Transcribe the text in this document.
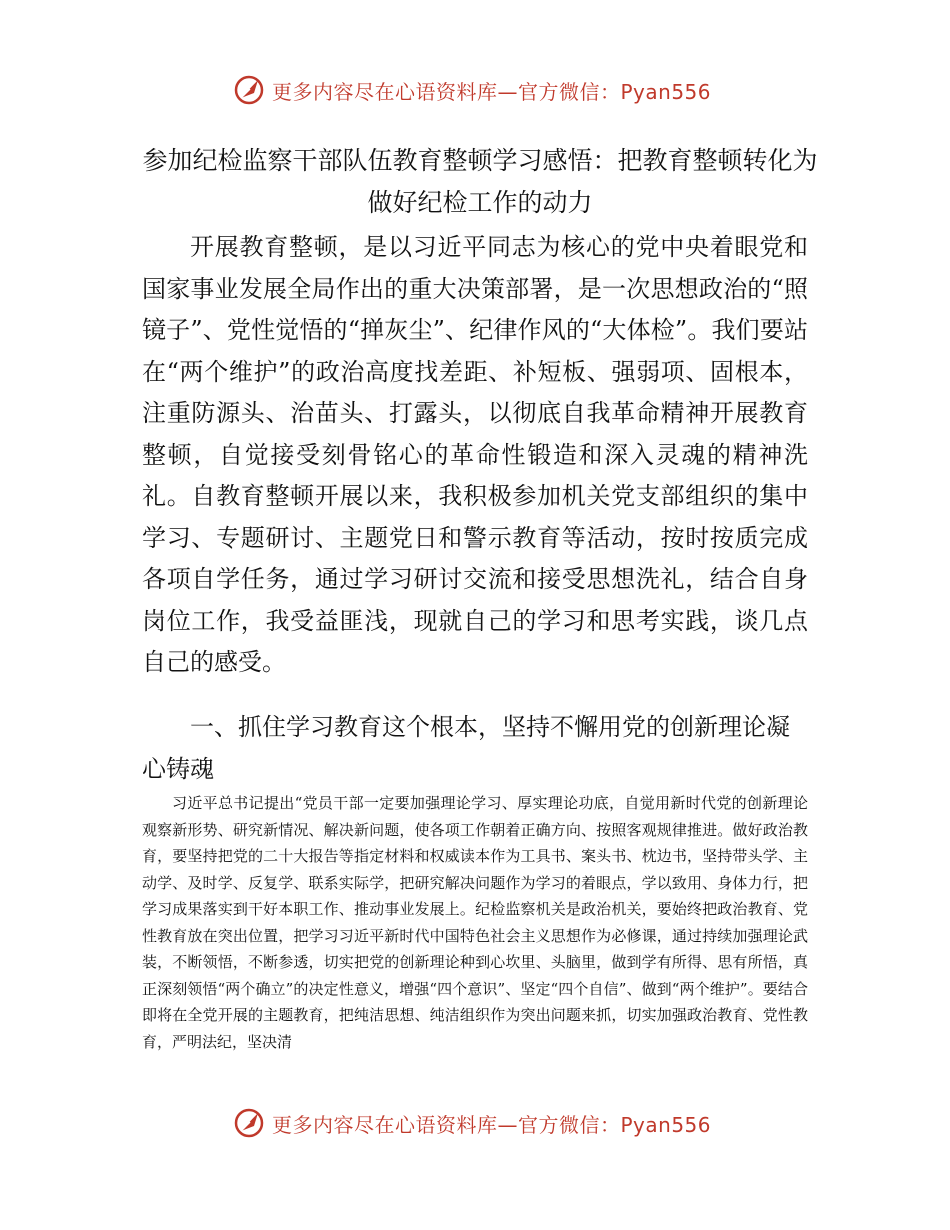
更多内容尽在心语资料库—官方微信：Pyan556
参加纪检监察干部队伍教育整顿学习感悟：把教育整顿转化为做好纪检工作的动力

开展教育整顿，是以习近平同志为核心的党中央着眼党和国家事业发展全局作出的重大决策部署，是一次思想政治的“照镜子”、党性觉悟的“掸灰尘”、纪律作风的“大体检”。我们要站在“两个维护”的政治高度找差距、补短板、强弱项、固根本，注重防源头、治苗头、打露头，以彻底自我革命精神开展教育整顿，自觉接受刻骨铭心的革命性锻造和深入灵魂的精神洗礼。自教育整顿开展以来，我积极参加机关党支部组织的集中学习、专题研讨、主题党日和警示教育等活动，按时按质完成各项自学任务，通过学习研讨交流和接受思想洗礼，结合自身岗位工作，我受益匪浅，现就自己的学习和思考实践，谈几点自己的感受。

一、抓住学习教育这个根本，坚持不懈用党的创新理论凝心铸魂

习近平总书记提出“党员干部一定要加强理论学习、厚实理论功底，自觉用新时代党的创新理论观察新形势、研究新情况、解决新问题，使各项工作朝着正确方向、按照客观规律推进。做好政治教育，要坚持把党的二十大报告等指定材料和权威读本作为工具书、案头书、枕边书，坚持带头学、主动学、及时学、反复学、联系实际学，把研究解决问题作为学习的着眼点，学以致用、身体力行，把学习成果落实到干好本职工作、推动事业发展上。纪检监察机关是政治机关，要始终把政治教育、党性教育放在突出位置，把学习习近平新时代中国特色社会主义思想作为必修课，通过持续加强理论武装，不断领悟，不断参透，切实把党的创新理论种到心坎里、头脑里，做到学有所得、思有所悟，真正深刻领悟“两个确立”的决定性意义，增强“四个意识”、坚定“四个自信”、做到“两个维护”。要结合即将在全党开展的主题教育，把纯洁思想、纯洁组织作为突出问题来抓，切实加强政治教育、党性教育，严明法纪，坚决清

更多内容尽在心语资料库—官方微信：Pyan556
